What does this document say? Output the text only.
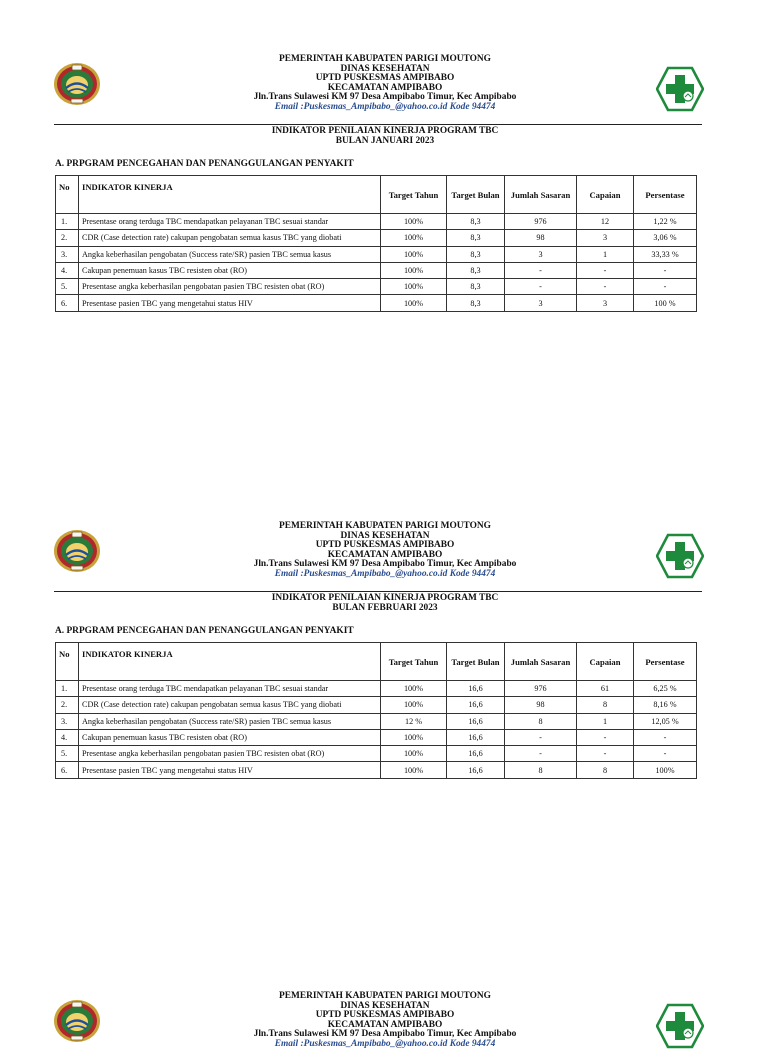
PEMERINTAH KABUPATEN PARIGI MOUTONG
DINAS KESEHATAN
UPTD PUSKESMAS AMPIBABO
KECAMATAN AMPIBABO
Jln.Trans Sulawesi KM 97 Desa Ampibabo Timur, Kec Ampibabo
Email :Puskesmas_Ampibabo_@yahoo.co.id Kode 94474
INDIKATOR PENILAIAN KINERJA PROGRAM TBC
BULAN JANUARI 2023
A. PRPGRAM PENCEGAHAN DAN PENANGGULANGAN PENYAKIT
No	INDIKATOR KINERJA	Target Tahun	Target Bulan	Jumlah Sasaran	Capaian	Persentase
1.	Presentase orang terduga TBC mendapatkan pelayanan TBC sesuai standar	100%	8,3	976	12	1,22 %
2.	CDR (Case detection rate) cakupan pengobatan semua kasus TBC yang diobati	100%	8,3	98	3	3,06 %
3.	Angka keberhasilan pengobatan (Success rate/SR) pasien TBC semua kasus	100%	8,3	3	1	33,33 %
4.	Cakupan penemuan kasus TBC resisten obat (RO)	100%	8,3	-	-	-
5.	Presentase angka keberhasilan pengobatan pasien TBC resisten obat (RO)	100%	8,3	-	-	-
6.	Presentase pasien TBC yang mengetahui status HIV	100%	8,3	3	3	100 %
PEMERINTAH KABUPATEN PARIGI MOUTONG
DINAS KESEHATAN
UPTD PUSKESMAS AMPIBABO
KECAMATAN AMPIBABO
Jln.Trans Sulawesi KM 97 Desa Ampibabo Timur, Kec Ampibabo
Email :Puskesmas_Ampibabo_@yahoo.co.id Kode 94474
INDIKATOR PENILAIAN KINERJA PROGRAM TBC
BULAN FEBRUARI 2023
A. PRPGRAM PENCEGAHAN DAN PENANGGULANGAN PENYAKIT
No	INDIKATOR KINERJA	Target Tahun	Target Bulan	Jumlah Sasaran	Capaian	Persentase
1.	Presentase orang terduga TBC mendapatkan pelayanan TBC sesuai standar	100%	16,6	976	61	6,25 %
2.	CDR (Case detection rate) cakupan pengobatan semua kasus TBC yang diobati	100%	16,6	98	8	8,16 %
3.	Angka keberhasilan pengobatan (Success rate/SR) pasien TBC semua kasus	12 %	16,6	8	1	12,05 %
4.	Cakupan penemuan kasus TBC resisten obat (RO)	100%	16,6	-	-	-
5.	Presentase angka keberhasilan pengobatan pasien TBC resisten obat (RO)	100%	16,6	-	-	-
6.	Presentase pasien TBC yang mengetahui status HIV	100%	16,6	8	8	100%
PEMERINTAH KABUPATEN PARIGI MOUTONG
DINAS KESEHATAN
UPTD PUSKESMAS AMPIBABO
KECAMATAN AMPIBABO
Jln.Trans Sulawesi KM 97 Desa Ampibabo Timur, Kec Ampibabo
Email :Puskesmas_Ampibabo_@yahoo.co.id Kode 94474
